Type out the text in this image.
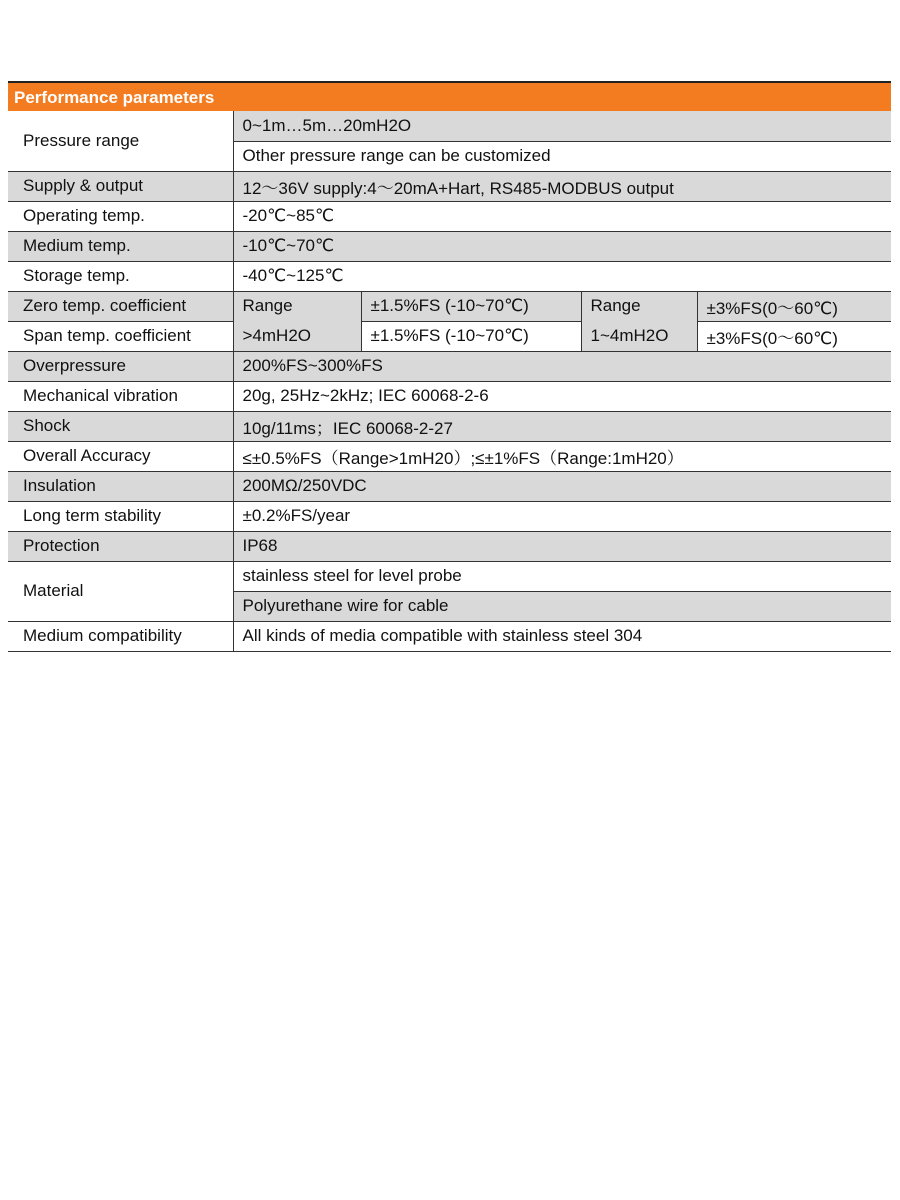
Performance parameters
Pressure range	0~1m…5m…20mH2O			
	Other pressure range can be customized			
Supply & output	12～36V supply:4～20mA+Hart, RS485-MODBUS output			
Operating temp.	-20℃~85℃			
Medium temp.	-10℃~70℃			
Storage temp.	-40℃~125℃			
Zero temp. coefficient	Range	±1.5%FS (-10~70℃)	Range	±3%FS(0～60℃)
Span temp. coefficient	>4mH2O	±1.5%FS (-10~70℃)	1~4mH2O	±3%FS(0～60℃)
Overpressure	200%FS~300%FS			
Mechanical vibration	20g, 25Hz~2kHz; IEC 60068-2-6			
Shock	10g/11ms；IEC 60068-2-27			
Overall Accuracy	≤±0.5%FS（Range>1mH20）;≤±1%FS（Range:1mH20）			
Insulation	200MΩ/250VDC			
Long term stability	±0.2%FS/year			
Protection	IP68			
Material	stainless steel for level probe			
	Polyurethane wire for cable			
Medium compatibility	All kinds of media compatible with stainless steel 304			
